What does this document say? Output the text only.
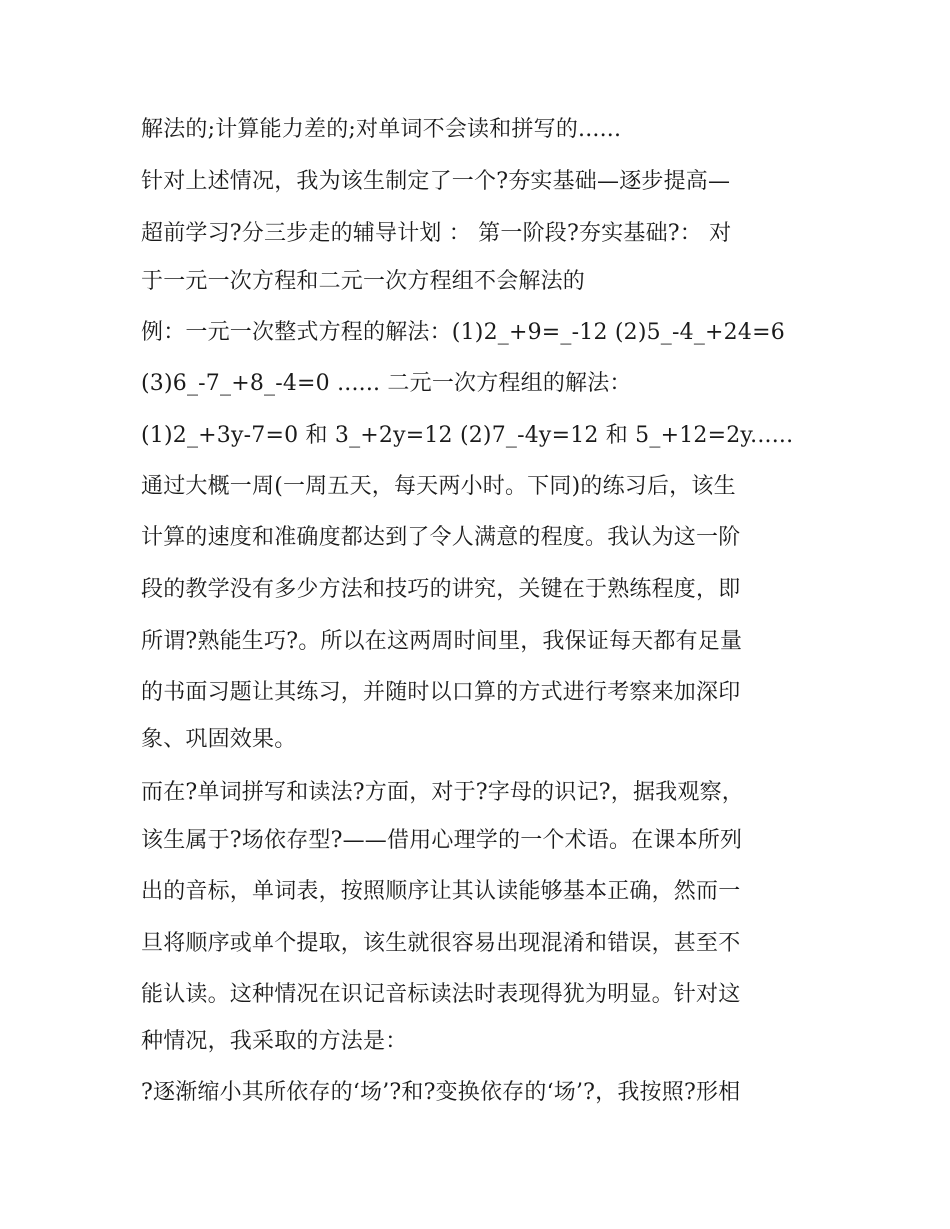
解法的;计算能力差的;对单词不会读和拼写的......
针对上述情况，我为该生制定了一个?夯实基础—逐步提高—
超前学习?分三步走的辅导计划 ： 第一阶段?夯实基础?： 对
于一元一次方程和二元一次方程组不会解法的
例：一元一次整式方程的解法：(1)2_+9=_-12 (2)5_-4_+24=6
(3)6_-7_+8_-4=0 ...... 二元一次方程组的解法：
(1)2_+3y-7=0 和 3_+2y=12 (2)7_-4y=12 和 5_+12=2y......
通过大概一周(一周五天，每天两小时。下同)的练习后，该生
计算的速度和准确度都达到了令人满意的程度。我认为这一阶
段的教学没有多少方法和技巧的讲究，关键在于熟练程度，即
所谓?熟能生巧?。所以在这两周时间里，我保证每天都有足量
的书面习题让其练习，并随时以口算的方式进行考察来加深印
象、巩固效果。
而在?单词拼写和读法?方面，对于?字母的识记?，据我观察，
该生属于?场依存型?——借用心理学的一个术语。在课本所列
出的音标，单词表，按照顺序让其认读能够基本正确，然而一
旦将顺序或单个提取，该生就很容易出现混淆和错误，甚至不
能认读。这种情况在识记音标读法时表现得犹为明显。针对这
种情况，我采取的方法是：
?逐渐缩小其所依存的‘场’?和?变换依存的‘场’?，我按照?形相
